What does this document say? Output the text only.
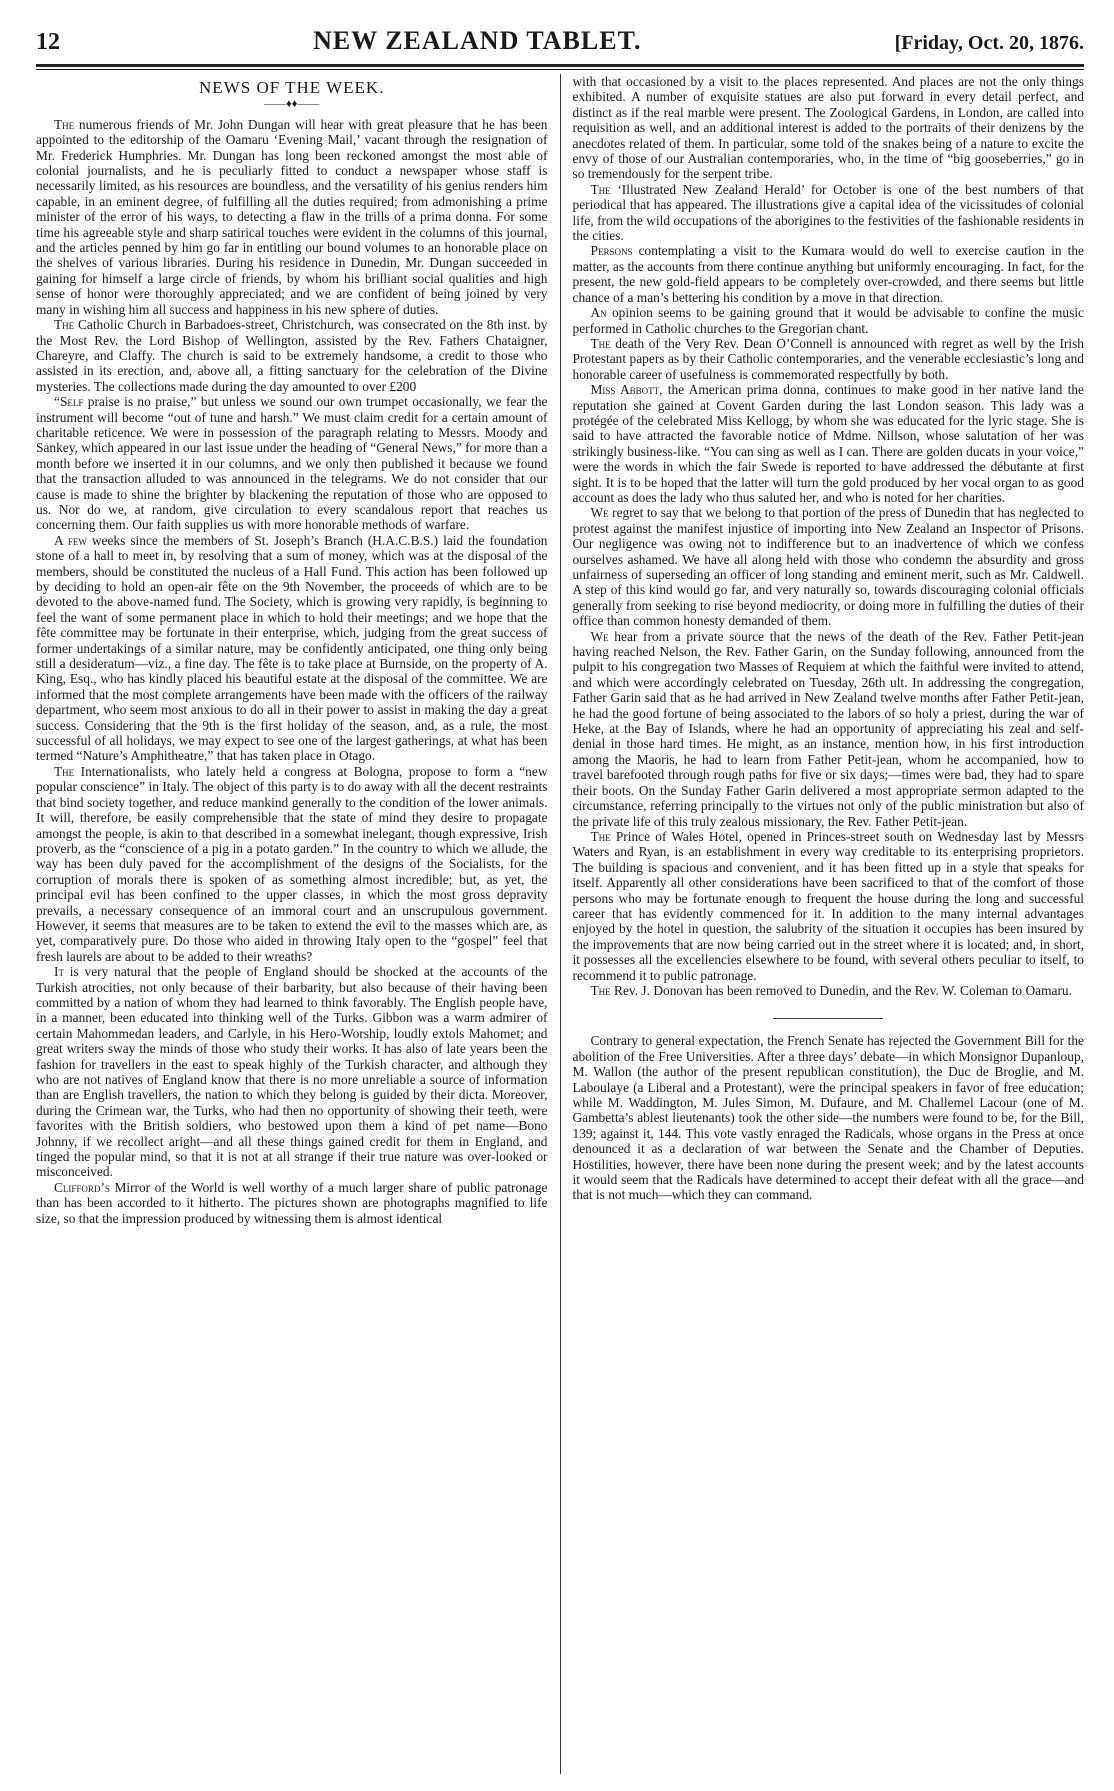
12	NEW ZEALAND TABLET.	[Friday, Oct. 20, 1876.
NEWS OF THE WEEK.
——♦♦——

The numerous friends of Mr. John Dungan will hear with great pleasure that he has been appointed to the editorship of the Oamaru ‘Evening Mail,’ vacant through the resignation of Mr. Frederick Humphries. Mr. Dungan has long been reckoned amongst the most able of colonial journalists, and he is peculiarly fitted to conduct a newspaper whose staff is necessarily limited, as his resources are boundless, and the versatility of his genius renders him capable, in an eminent degree, of fulfilling all the duties required; from admonishing a prime minister of the error of his ways, to detecting a flaw in the trills of a prima donna. For some time his agreeable style and sharp satirical touches were evident in the columns of this journal, and the articles penned by him go far in entitling our bound volumes to an honorable place on the shelves of various libraries. During his residence in Dunedin, Mr. Dungan succeeded in gaining for himself a large circle of friends, by whom his brilliant social qualities and high sense of honor were thoroughly appreciated; and we are confident of being joined by very many in wishing him all success and happiness in his new sphere of duties.

The Catholic Church in Barbadoes-street, Christchurch, was consecrated on the 8th inst. by the Most Rev. the Lord Bishop of Wellington, assisted by the Rev. Fathers Chataigner, Chareyre, and Claffy. The church is said to be extremely handsome, a credit to those who assisted in its erection, and, above all, a fitting sanctuary for the celebration of the Divine mysteries. The collections made during the day amounted to over £200

“Self praise is no praise,” but unless we sound our own trumpet occasionally, we fear the instrument will become “out of tune and harsh.” We must claim credit for a certain amount of charitable reticence. We were in possession of the paragraph relating to Messrs. Moody and Sankey, which appeared in our last issue under the heading of “General News,” for more than a month before we inserted it in our columns, and we only then published it because we found that the transaction alluded to was announced in the telegrams. We do not consider that our cause is made to shine the brighter by blackening the reputation of those who are opposed to us. Nor do we, at random, give circulation to every scandalous report that reaches us concerning them. Our faith supplies us with more honorable methods of warfare.

A few weeks since the members of St. Joseph’s Branch (H.A.C.B.S.) laid the foundation stone of a hall to meet in, by resolving that a sum of money, which was at the disposal of the members, should be constituted the nucleus of a Hall Fund. This action has been followed up by deciding to hold an open-air fête on the 9th November, the proceeds of which are to be devoted to the above-named fund. The Society, which is growing very rapidly, is beginning to feel the want of some permanent place in which to hold their meetings; and we hope that the fête committee may be fortunate in their enterprise, which, judging from the great success of former undertakings of a similar nature, may be confidently anticipated, one thing only being still a desideratum—viz., a fine day. The fête is to take place at Burnside, on the property of A. King, Esq., who has kindly placed his beautiful estate at the disposal of the committee. We are informed that the most complete arrangements have been made with the officers of the railway department, who seem most anxious to do all in their power to assist in making the day a great success. Considering that the 9th is the first holiday of the season, and, as a rule, the most successful of all holidays, we may expect to see one of the largest gatherings, at what has been termed “Nature’s Amphitheatre,” that has taken place in Otago.

The Internationalists, who lately held a congress at Bologna, propose to form a “new popular conscience” in Italy. The object of this party is to do away with all the decent restraints that bind society together, and reduce mankind generally to the condition of the lower animals. It will, therefore, be easily comprehensible that the state of mind they desire to propagate amongst the people, is akin to that described in a somewhat inelegant, though expressive, Irish proverb, as the “conscience of a pig in a potato garden.” In the country to which we allude, the way has been duly paved for the accomplishment of the designs of the Socialists, for the corruption of morals there is spoken of as something almost incredible; but, as yet, the principal evil has been confined to the upper classes, in which the most gross depravity prevails, a necessary consequence of an immoral court and an unscrupulous government. However, it seems that measures are to be taken to extend the evil to the masses which are, as yet, comparatively pure. Do those who aided in throwing Italy open to the “gospel” feel that fresh laurels are about to be added to their wreaths?

It is very natural that the people of England should be shocked at the accounts of the Turkish atrocities, not only because of their barbarity, but also because of their having been committed by a nation of whom they had learned to think favorably. The English people have, in a manner, been educated into thinking well of the Turks. Gibbon was a warm admirer of certain Mahommedan leaders, and Carlyle, in his Hero-Worship, loudly extols Mahomet; and great writers sway the minds of those who study their works. It has also of late years been the fashion for travellers in the east to speak highly of the Turkish character, and although they who are not natives of England know that there is no more unreliable a source of information than are English travellers, the nation to which they belong is guided by their dicta. Moreover, during the Crimean war, the Turks, who had then no opportunity of showing their teeth, were favorites with the British soldiers, who bestowed upon them a kind of pet name—Bono Johnny, if we recollect aright—and all these things gained credit for them in England, and tinged the popular mind, so that it is not at all strange if their true nature was over-looked or misconceived.

Clifford’s Mirror of the World is well worthy of a much larger share of public patronage than has been accorded to it hitherto. The pictures shown are photographs magnified to life size, so that the impression produced by witnessing them is almost identical

with that occasioned by a visit to the places represented. And places are not the only things exhibited. A number of exquisite statues are also put forward in every detail perfect, and distinct as if the real marble were present. The Zoological Gardens, in London, are called into requisition as well, and an additional interest is added to the portraits of their denizens by the anecdotes related of them. In particular, some told of the snakes being of a nature to excite the envy of those of our Australian contemporaries, who, in the time of “big gooseberries,” go in so tremendously for the serpent tribe.

The ‘Illustrated New Zealand Herald’ for October is one of the best numbers of that periodical that has appeared. The illustrations give a capital idea of the vicissitudes of colonial life, from the wild occupations of the aborigines to the festivities of the fashionable residents in the cities.

Persons contemplating a visit to the Kumara would do well to exercise caution in the matter, as the accounts from there continue anything but uniformly encouraging. In fact, for the present, the new gold-field appears to be completely over-crowded, and there seems but little chance of a man’s bettering his condition by a move in that direction.

An opinion seems to be gaining ground that it would be advisable to confine the music performed in Catholic churches to the Gregorian chant.

The death of the Very Rev. Dean O’Connell is announced with regret as well by the Irish Protestant papers as by their Catholic contemporaries, and the venerable ecclesiastic’s long and honorable career of usefulness is commemorated respectfully by both.

Miss Abbott, the American prima donna, continues to make good in her native land the reputation she gained at Covent Garden during the last London season. This lady was a protégée of the celebrated Miss Kellogg, by whom she was educated for the lyric stage. She is said to have attracted the favorable notice of Mdme. Nillson, whose salutation of her was strikingly business-like. “You can sing as well as I can. There are golden ducats in your voice,” were the words in which the fair Swede is reported to have addressed the débutante at first sight. It is to be hoped that the latter will turn the gold produced by her vocal organ to as good account as does the lady who thus saluted her, and who is noted for her charities.

We regret to say that we belong to that portion of the press of Dunedin that has neglected to protest against the manifest injustice of importing into New Zealand an Inspector of Prisons. Our negligence was owing not to indifference but to an inadvertence of which we confess ourselves ashamed. We have all along held with those who condemn the absurdity and gross unfairness of superseding an officer of long standing and eminent merit, such as Mr. Caldwell. A step of this kind would go far, and very naturally so, towards discouraging colonial officials generally from seeking to rise beyond mediocrity, or doing more in fulfilling the duties of their office than common honesty demanded of them.

We hear from a private source that the news of the death of the Rev. Father Petit-jean having reached Nelson, the Rev. Father Garin, on the Sunday following, announced from the pulpit to his congregation two Masses of Requiem at which the faithful were invited to attend, and which were accordingly celebrated on Tuesday, 26th ult. In addressing the congregation, Father Garin said that as he had arrived in New Zealand twelve months after Father Petit-jean, he had the good fortune of being associated to the labors of so holy a priest, during the war of Heke, at the Bay of Islands, where he had an opportunity of appreciating his zeal and self-denial in those hard times. He might, as an instance, mention how, in his first introduction among the Maoris, he had to learn from Father Petit-jean, whom he accompanied, how to travel barefooted through rough paths for five or six days;—times were bad, they had to spare their boots. On the Sunday Father Garin delivered a most appropriate sermon adapted to the circumstance, referring principally to the virtues not only of the public ministration but also of the private life of this truly zealous missionary, the Rev. Father Petit-jean.

The Prince of Wales Hotel, opened in Princes-street south on Wednesday last by Messrs Waters and Ryan, is an establishment in every way creditable to its enterprising proprietors. The building is spacious and convenient, and it has been fitted up in a style that speaks for itself. Apparently all other considerations have been sacrificed to that of the comfort of those persons who may be fortunate enough to frequent the house during the long and successful career that has evidently commenced for it. In addition to the many internal advantages enjoyed by the hotel in question, the salubrity of the situation it occupies has been insured by the improvements that are now being carried out in the street where it is located; and, in short, it possesses all the excellencies elsewhere to be found, with several others peculiar to itself, to recommend it to public patronage.

The Rev. J. Donovan has been removed to Dunedin, and the Rev. W. Coleman to Oamaru.

Contrary to general expectation, the French Senate has rejected the Government Bill for the abolition of the Free Universities. After a three days’ debate—in which Monsignor Dupanloup, M. Wallon (the author of the present republican constitution), the Duc de Broglie, and M. Laboulaye (a Liberal and a Protestant), were the principal speakers in favor of free education; while M. Waddington, M. Jules Simon, M. Dufaure, and M. Challemel Lacour (one of M. Gambetta’s ablest lieutenants) took the other side—the numbers were found to be, for the Bill, 139; against it, 144. This vote vastly enraged the Radicals, whose organs in the Press at once denounced it as a declaration of war between the Senate and the Chamber of Deputies. Hostilities, however, there have been none during the present week; and by the latest accounts it would seem that the Radicals have determined to accept their defeat with all the grace—and that is not much—which they can command.
